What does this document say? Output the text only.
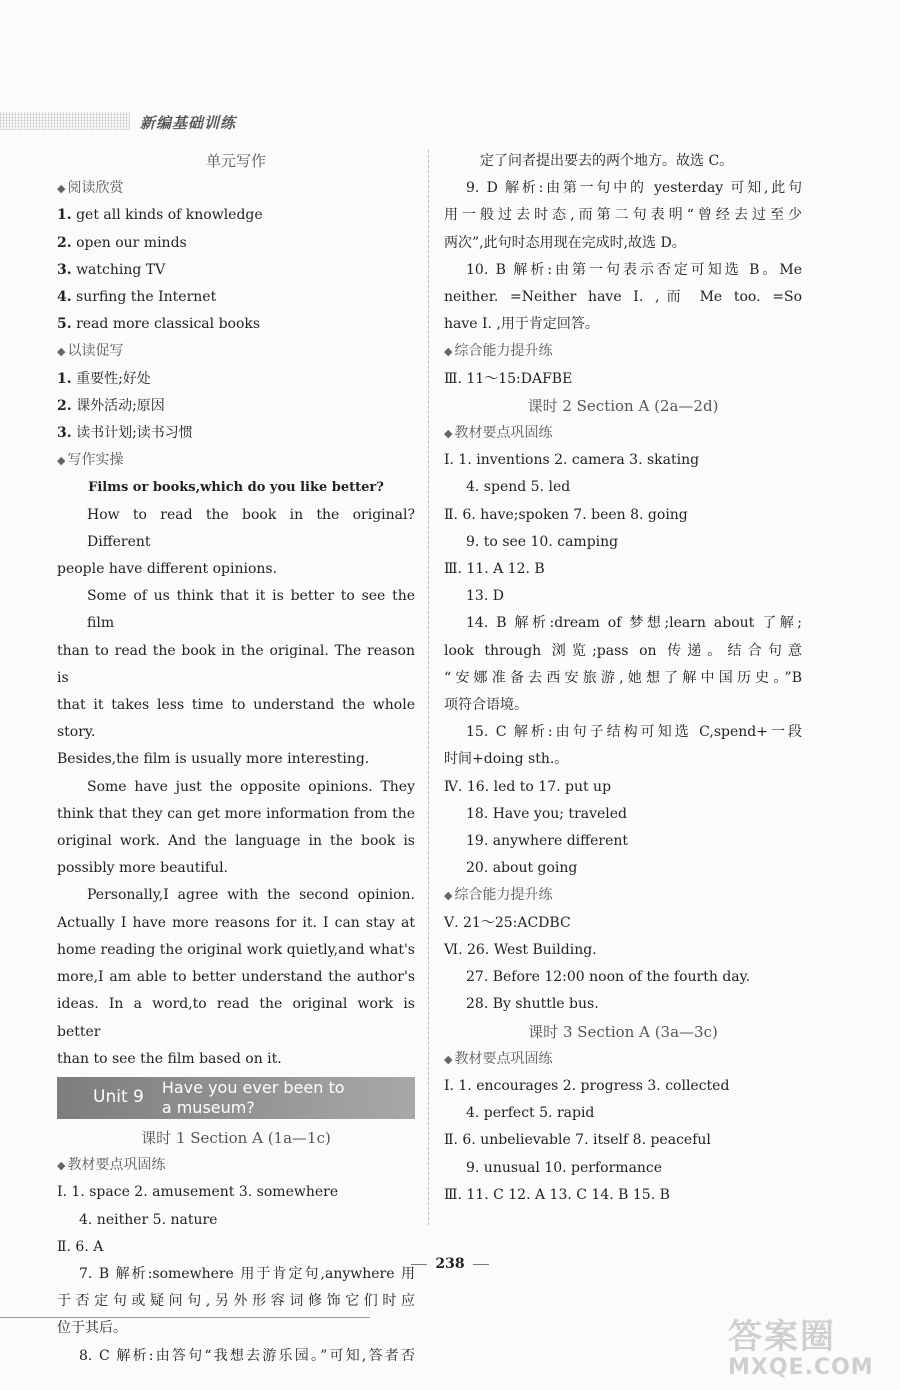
新编基础训练
单元写作
◆ 阅读欣赏
1. get all kinds of knowledge
2. open our minds
3. watching TV
4. surfing the Internet
5. read more classical books
◆ 以读促写
1. 重要性;好处
2. 课外活动;原因
3. 读书计划;读书习惯
◆ 写作实操
Films or books,which do you like better?
How to read the book in the original? Different
people have different opinions.
Some of us think that it is better to see the film
than to read the book in the original. The reason is
that it takes less time to understand the whole story.
Besides,the film is usually more interesting.
Some have just the opposite opinions. They
think that they can get more information from the
original work. And the language in the book is
possibly more beautiful.
Personally,I agree with the second opinion.
Actually I have more reasons for it. I can stay at
home reading the original work quietly,and what's
more,I am able to better understand the author's
ideas. In a word,to read the original work is better
than to see the film based on it.
Unit 9	Have you ever been to
a museum?
课时 1 Section A (1a—1c)
◆ 教材要点巩固练
Ⅰ. 1. space 2. amusement 3. somewhere
4. neither 5. nature
Ⅱ. 6. A
7. B 解析:somewhere 用于肯定句,anywhere 用
于否定句或疑问句,另外形容词修饰它们时应
位于其后。
8. C 解析:由答句“我想去游乐园。”可知,答者否
定了问者提出要去的两个地方。故选 C。
9. D 解析:由第一句中的 yesterday 可知,此句
用一般过去时态,而第二句表明“曾经去过至少
两次”,此句时态用现在完成时,故选 D。
10. B 解析:由第一句表示否定可知选 B。Me
neither. =Neither have I. ,而 Me too. =So
have I. ,用于肯定回答。
◆ 综合能力提升练
Ⅲ. 11～15:DAFBE
课时 2 Section A (2a—2d)
◆ 教材要点巩固练
Ⅰ. 1. inventions 2. camera 3. skating
4. spend 5. led
Ⅱ. 6. have;spoken 7. been 8. going
9. to see 10. camping
Ⅲ. 11. A 12. B
13. D
14. B 解析:dream of 梦想;learn about 了解;
look through 浏览;pass on 传递。结合句意
“安娜准备去西安旅游,她想了解中国历史。”B
项符合语境。
15. C 解析:由句子结构可知选 C,spend+一段
时间+doing sth.。
Ⅳ. 16. led to 17. put up
18. Have you; traveled
19. anywhere different
20. about going
◆ 综合能力提升练
Ⅴ. 21～25:ACDBC
Ⅵ. 26. West Building.
27. Before 12:00 noon of the fourth day.
28. By shuttle bus.
课时 3 Section A (3a—3c)
◆ 教材要点巩固练
Ⅰ. 1. encourages 2. progress 3. collected
4. perfect 5. rapid
Ⅱ. 6. unbelievable 7. itself 8. peaceful
9. unusual 10. performance
Ⅲ. 11. C 12. A 13. C 14. B 15. B
238
答案圈
MXQE.COM
